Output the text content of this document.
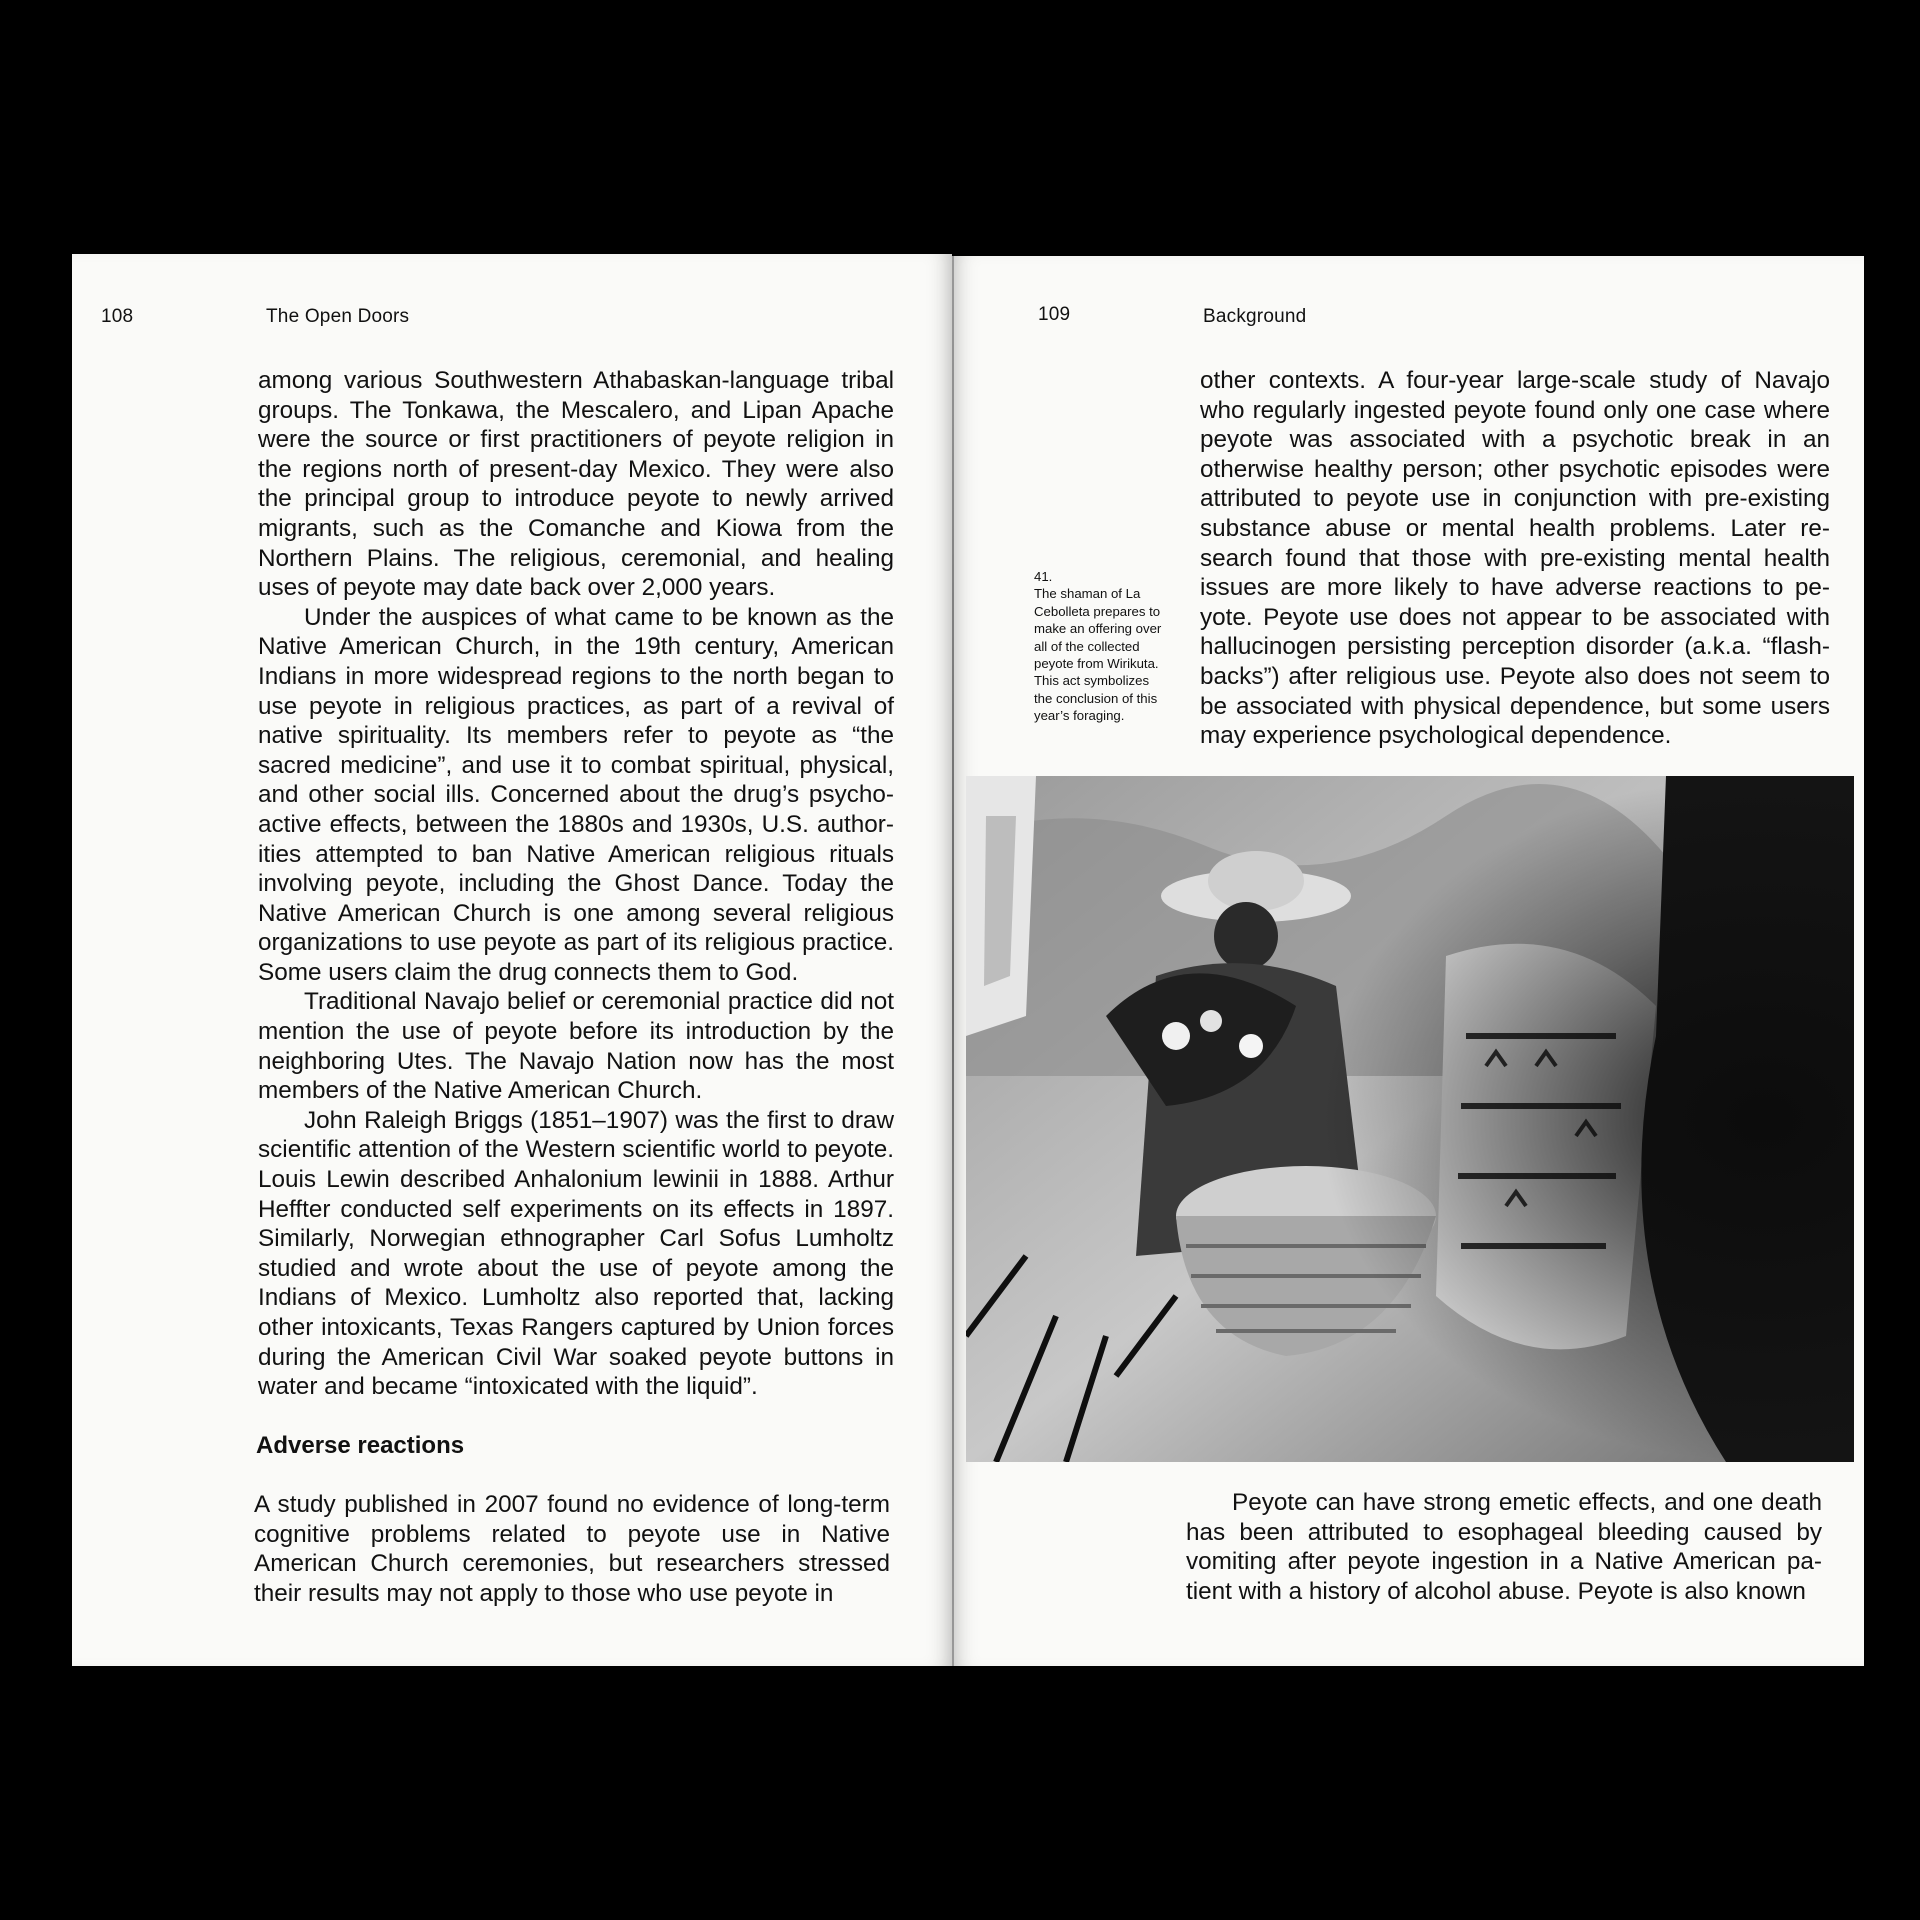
108	The Open Doors

among various Southwestern Athabaskan-language tribal groups. The Tonkawa, the Mescalero, and Lipan Apache were the source or first practitioners of peyote religion in the regions north of present-day Mexico. They were also the principal group to introduce peyote to newly arrived migrants, such as the Comanche and Kiowa from the Northern Plains. The religious, ceremonial, and healing uses of peyote may date back over 2,000 years.

Under the auspices of what came to be known as the Native American Church, in the 19th century, American Indians in more widespread regions to the north began to use peyote in religious practices, as part of a revival of native spirituality. Its members refer to peyote as “the sacred medicine”, and use it to combat spiritual, physical, and other social ills. Concerned about the drug’s psychoactive effects, between the 1880s and 1930s, U.S. authorities attempted to ban Native American religious rituals involving peyote, including the Ghost Dance. Today the Native American Church is one among several religious organizations to use peyote as part of its religious practice. Some users claim the drug connects them to God.

Traditional Navajo belief or ceremonial practice did not mention the use of peyote before its introduction by the neighboring Utes. The Navajo Nation now has the most members of the Native American Church.

John Raleigh Briggs (1851–1907) was the first to draw scientific attention of the Western scientific world to peyote. Louis Lewin described Anhalonium lewinii in 1888. Arthur Heffter conducted self experiments on its effects in 1897. Similarly, Norwegian ethnographer Carl Sofus Lumholtz studied and wrote about the use of peyote among the Indians of Mexico. Lumholtz also reported that, lacking other intoxicants, Texas Rangers captured by Union forces during the American Civil War soaked peyote buttons in water and became “intoxicated with the liquid”.

Adverse reactions

A study published in 2007 found no evidence of long-term cognitive problems related to peyote use in Native American Church ceremonies, but researchers stressed their results may not apply to those who use peyote in

109	Background
41.
The shaman of La Cebolleta prepares to make an offering over all of the collected peyote from Wirikuta. This act symbolizes the conclusion of this year’s foraging.

other contexts. A four-year large-scale study of Navajo who regularly ingested peyote found only one case where peyote was associated with a psychotic break in an otherwise healthy person; other psychotic episodes were attributed to peyote use in conjunction with pre-existing substance abuse or mental health problems. Later research found that those with pre-existing mental health issues are more likely to have adverse reactions to peyote. Peyote use does not appear to be associated with hallucinogen persisting perception disorder (a.k.a. “flashbacks”) after religious use. Peyote also does not seem to be associated with physical dependence, but some users may experience psychological dependence.

Peyote can have strong emetic effects, and one death has been attributed to esophageal bleeding caused by vomiting after peyote ingestion in a Native American patient with a history of alcohol abuse. Peyote is also known
